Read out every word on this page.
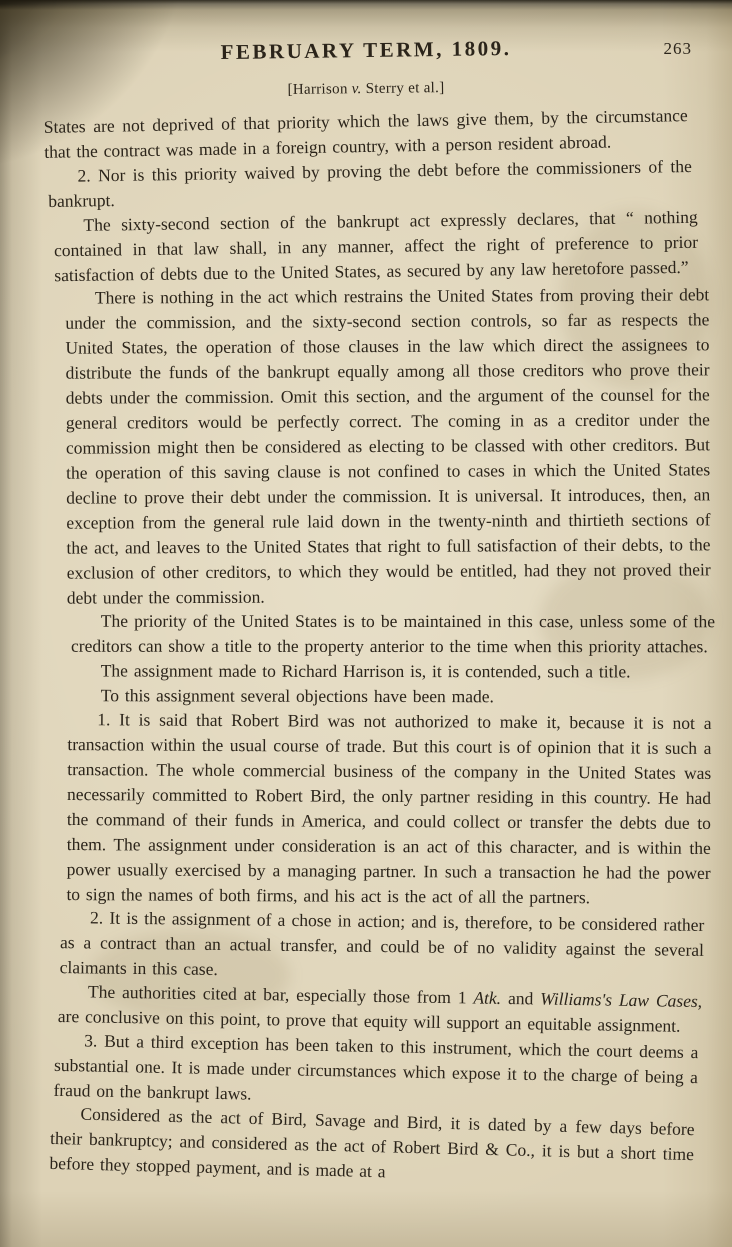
FEBRUARY TERM, 1809.	263
[Harrison v. Sterry et al.]

States are not deprived of that priority which the laws give them, by the circumstance that the contract was made in a foreign country, with a person resident abroad.

2. Nor is this priority waived by proving the debt before the commissioners of the bankrupt.

The sixty-second section of the bankrupt act expressly declares, that “ nothing contained in that law shall, in any manner, affect the right of preference to prior satisfaction of debts due to the United States, as secured by any law heretofore passed.”

There is nothing in the act which restrains the United States from proving their debt under the commission, and the sixty-second section controls, so far as respects the United States, the operation of those clauses in the law which direct the assignees to distribute the funds of the bankrupt equally among all those creditors who prove their debts under the commission. Omit this section, and the argument of the counsel for the general creditors would be perfectly correct. The coming in as a creditor under the commission might then be considered as electing to be classed with other creditors. But the operation of this saving clause is not confined to cases in which the United States decline to prove their debt under the commission. It is universal. It introduces, then, an exception from the general rule laid down in the twenty-ninth and thirtieth sections of the act, and leaves to the United States that right to full satisfaction of their debts, to the exclusion of other creditors, to which they would be entitled, had they not proved their debt under the commission.

The priority of the United States is to be maintained in this case, unless some of the creditors can show a title to the property anterior to the time when this priority attaches.

The assignment made to Richard Harrison is, it is contended, such a title.

To this assignment several objections have been made.

1. It is said that Robert Bird was not authorized to make it, because it is not a transaction within the usual course of trade. But this court is of opinion that it is such a transaction. The whole commercial business of the company in the United States was necessarily committed to Robert Bird, the only partner residing in this country. He had the command of their funds in America, and could collect or transfer the debts due to them. The assignment under consideration is an act of this character, and is within the power usually exercised by a managing partner. In such a transaction he had the power to sign the names of both firms, and his act is the act of all the partners.

2. It is the assignment of a chose in action; and is, therefore, to be considered rather as a contract than an actual transfer, and could be of no validity against the several claimants in this case.

The authorities cited at bar, especially those from 1 Atk. and Williams's Law Cases, are conclusive on this point, to prove that equity will support an equitable assignment.

3. But a third exception has been taken to this instrument, which the court deems a substantial one. It is made under circumstances which expose it to the charge of being a fraud on the bankrupt laws.

Considered as the act of Bird, Savage and Bird, it is dated by a few days before their bankruptcy; and considered as the act of Robert Bird & Co., it is but a short time before they stopped payment, and is made at a
